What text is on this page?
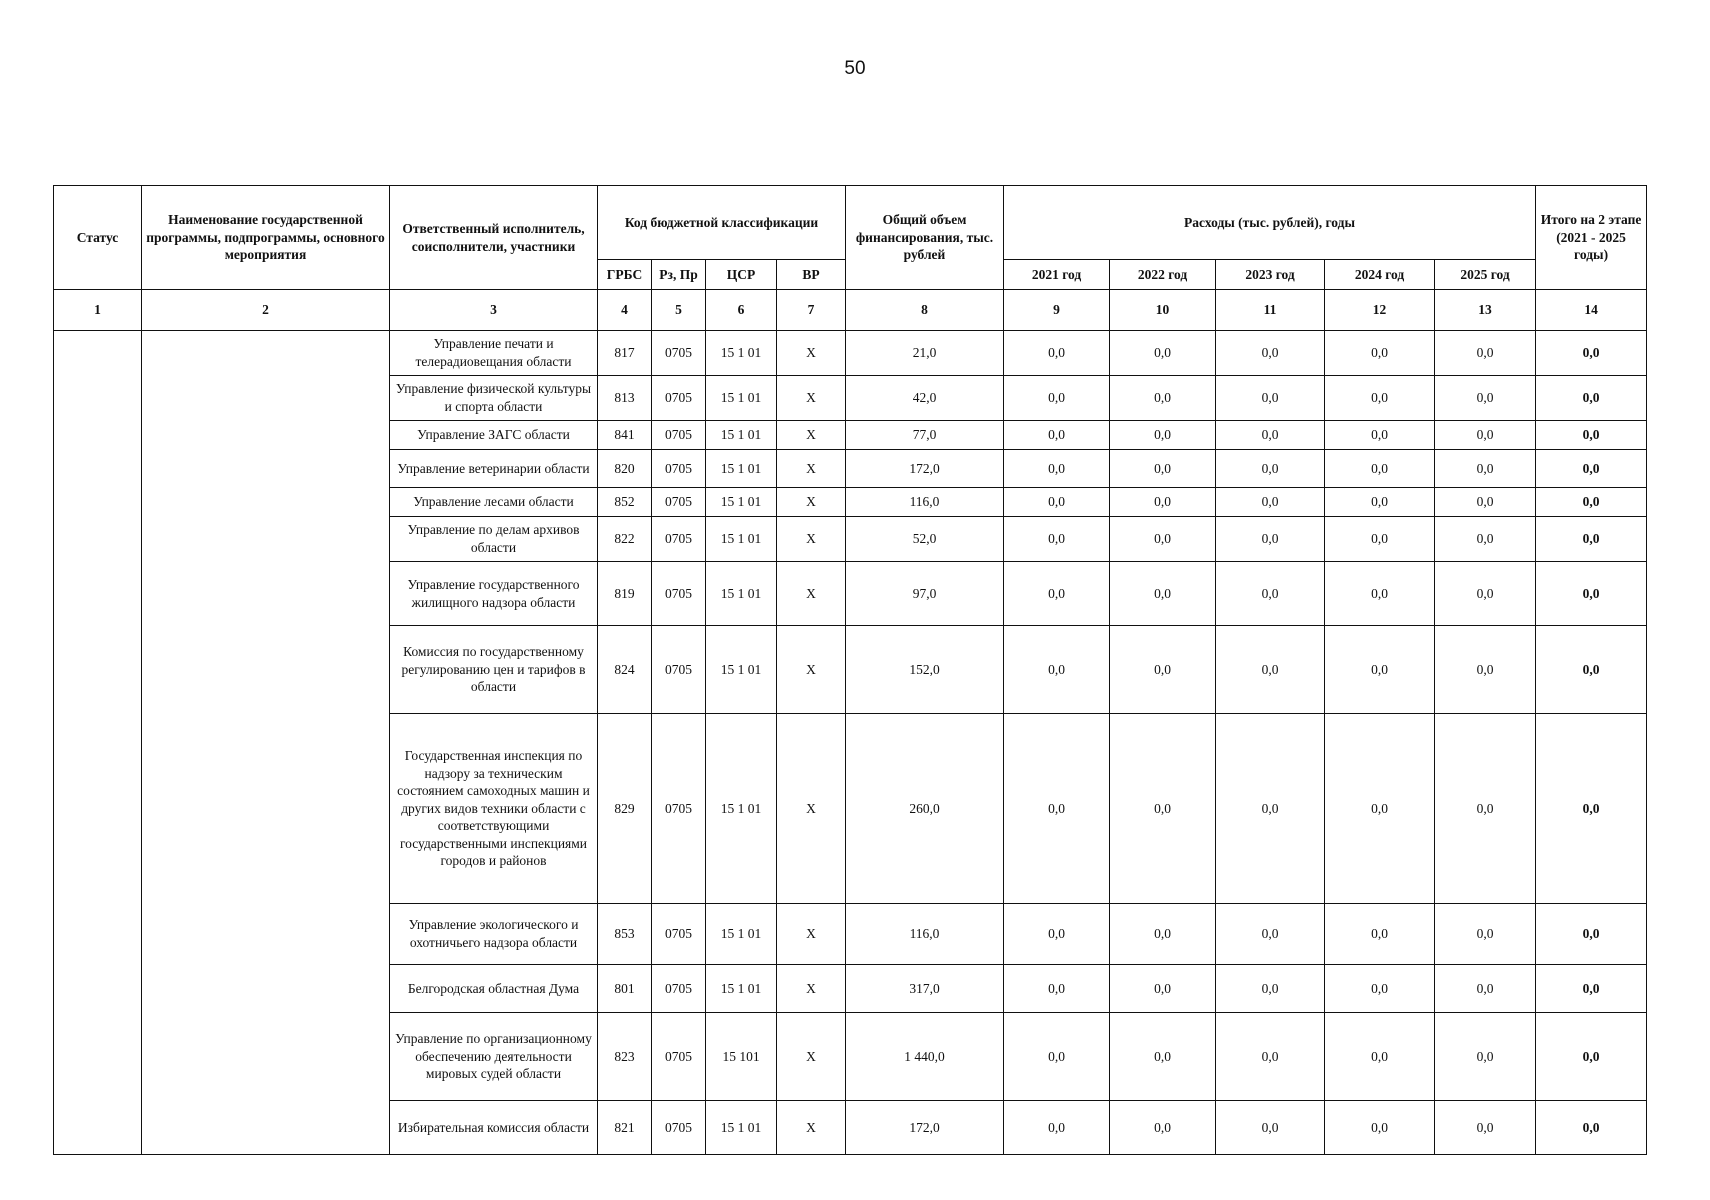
50
Статус	Наименование государственной программы, подпрограммы, основного мероприятия	Ответственный исполнитель, соисполнители, участники	Код бюджетной классификации				Общий объем финансирования, тыс. рублей	Расходы (тыс. рублей), годы					Итого на 2 этапе (2021 - 2025 годы)
			ГРБС	Рз, Пр	ЦСР	ВР		2021 год	2022 год	2023 год	2024 год	2025 год	
1	2	3	4	5	6	7	8	9	10	11	12	13	14
		Управление печати и телерадиовещания области	817	0705	15 1 01	Х	21,0	0,0	0,0	0,0	0,0	0,0	0,0
		Управление физической культуры и спорта области	813	0705	15 1 01	Х	42,0	0,0	0,0	0,0	0,0	0,0	0,0
		Управление ЗАГС области	841	0705	15 1 01	Х	77,0	0,0	0,0	0,0	0,0	0,0	0,0
		Управление ветеринарии области	820	0705	15 1 01	Х	172,0	0,0	0,0	0,0	0,0	0,0	0,0
		Управление лесами области	852	0705	15 1 01	Х	116,0	0,0	0,0	0,0	0,0	0,0	0,0
		Управление по делам архивов области	822	0705	15 1 01	Х	52,0	0,0	0,0	0,0	0,0	0,0	0,0
		Управление государственного жилищного надзора области	819	0705	15 1 01	Х	97,0	0,0	0,0	0,0	0,0	0,0	0,0
		Комиссия по государственному регулированию цен и тарифов в области	824	0705	15 1 01	Х	152,0	0,0	0,0	0,0	0,0	0,0	0,0
		Государственная инспекция по надзору за техническим состоянием самоходных машин и других видов техники области с соответствующими государственными инспекциями городов и районов	829	0705	15 1 01	Х	260,0	0,0	0,0	0,0	0,0	0,0	0,0
		Управление экологического и охотничьего надзора области	853	0705	15 1 01	Х	116,0	0,0	0,0	0,0	0,0	0,0	0,0
		Белгородская областная Дума	801	0705	15 1 01	Х	317,0	0,0	0,0	0,0	0,0	0,0	0,0
		Управление по организационному обеспечению деятельности мировых судей области	823	0705	15 101	Х	1 440,0	0,0	0,0	0,0	0,0	0,0	0,0
		Избирательная комиссия области	821	0705	15 1 01	Х	172,0	0,0	0,0	0,0	0,0	0,0	0,0
